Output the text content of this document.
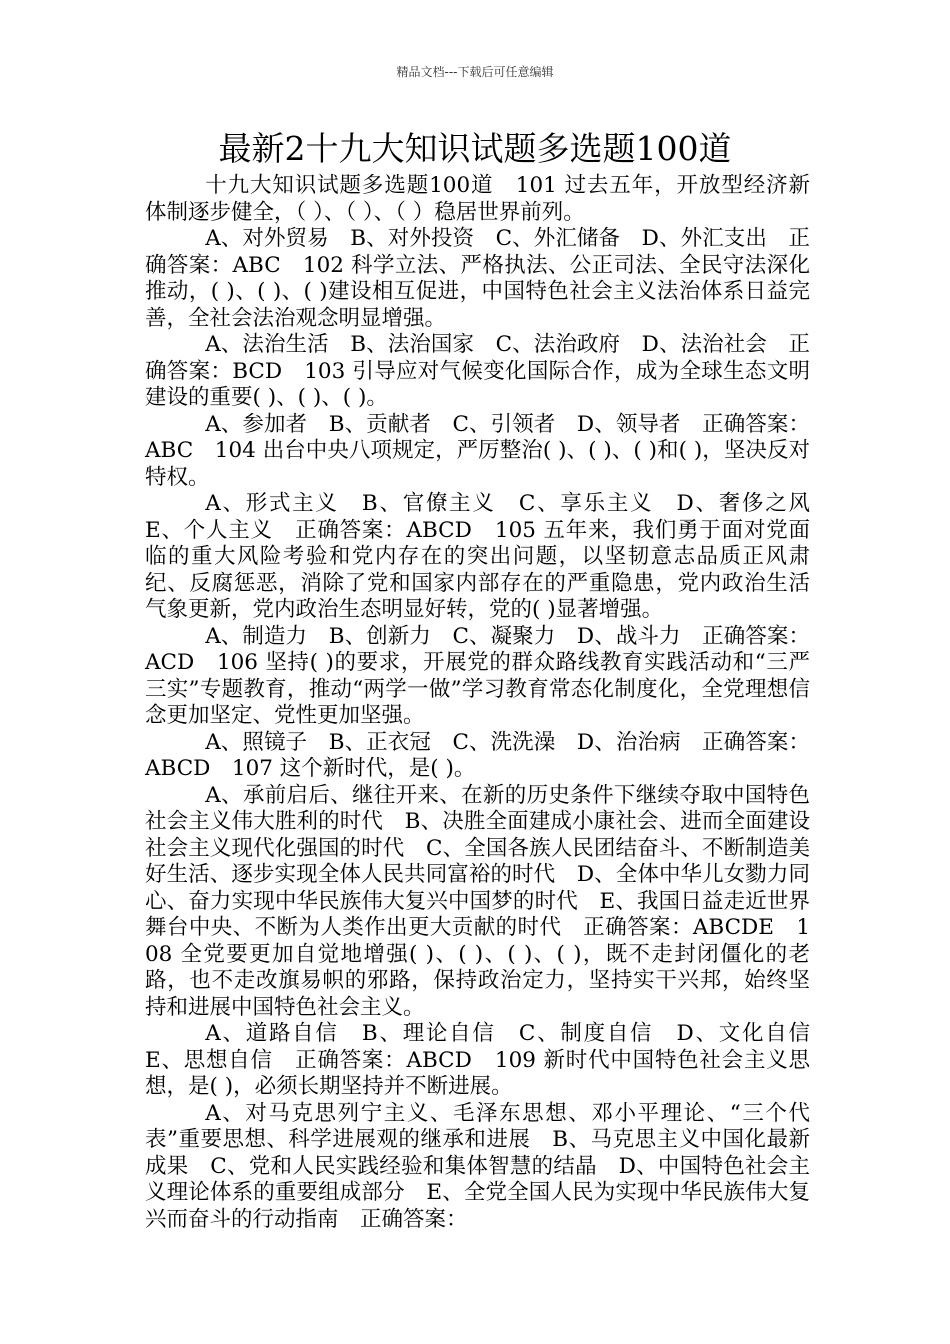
精品文档---下载后可任意编辑
最新2十九大知识试题多选题100道

十九大知识试题多选题100道　101 过去五年，开放型经济新体制逐步健全，（ ）、（ ）、（ ）稳居世界前列。

A、对外贸易　B、对外投资　C、外汇储备　D、外汇支出　正确答案：ABC　102 科学立法、严格执法、公正司法、全民守法深化推动，( )、( )、( )建设相互促进，中国特色社会主义法治体系日益完善，全社会法治观念明显增强。

A、法治生活　B、法治国家　C、法治政府　D、法治社会　正确答案：BCD　103 引导应对气候变化国际合作，成为全球生态文明建设的重要( )、( )、( )。

A、参加者　B、贡献者　C、引领者　D、领导者　正确答案：ABC　104 出台中央八项规定，严厉整治( )、( )、( )和( )，坚决反对特权。

A、形式主义　B、官僚主义　C、享乐主义　D、奢侈之风　E、个人主义　正确答案：ABCD　105 五年来，我们勇于面对党面临的重大风险考验和党内存在的突出问题，以坚韧意志品质正风肃纪、反腐惩恶，消除了党和国家内部存在的严重隐患，党内政治生活气象更新，党内政治生态明显好转，党的( )显著增强。

A、制造力　B、创新力　C、凝聚力　D、战斗力　正确答案：ACD　106 坚持( )的要求，开展党的群众路线教育实践活动和“三严三实”专题教育，推动“两学一做”学习教育常态化制度化，全党理想信念更加坚定、党性更加坚强。

A、照镜子　B、正衣冠　C、洗洗澡　D、治治病　正确答案：ABCD　107 这个新时代，是( )。

A、承前启后、继往开来、在新的历史条件下继续夺取中国特色社会主义伟大胜利的时代　B、决胜全面建成小康社会、进而全面建设社会主义现代化强国的时代　C、全国各族人民团结奋斗、不断制造美好生活、逐步实现全体人民共同富裕的时代　D、全体中华儿女勠力同心、奋力实现中华民族伟大复兴中国梦的时代　E、我国日益走近世界舞台中央、不断为人类作出更大贡献的时代　正确答案：ABCDE　108 全党要更加自觉地增强( )、( )、( )、( )，既不走封闭僵化的老路，也不走改旗易帜的邪路，保持政治定力，坚持实干兴邦，始终坚持和进展中国特色社会主义。

A、道路自信　B、理论自信　C、制度自信　D、文化自信　E、思想自信　正确答案：ABCD　109 新时代中国特色社会主义思想，是( )，必须长期坚持并不断进展。

A、对马克思列宁主义、毛泽东思想、邓小平理论、“三个代表”重要思想、科学进展观的继承和进展　B、马克思主义中国化最新成果　C、党和人民实践经验和集体智慧的结晶　D、中国特色社会主义理论体系的重要组成部分　E、全党全国人民为实现中华民族伟大复兴而奋斗的行动指南　正确答案：
